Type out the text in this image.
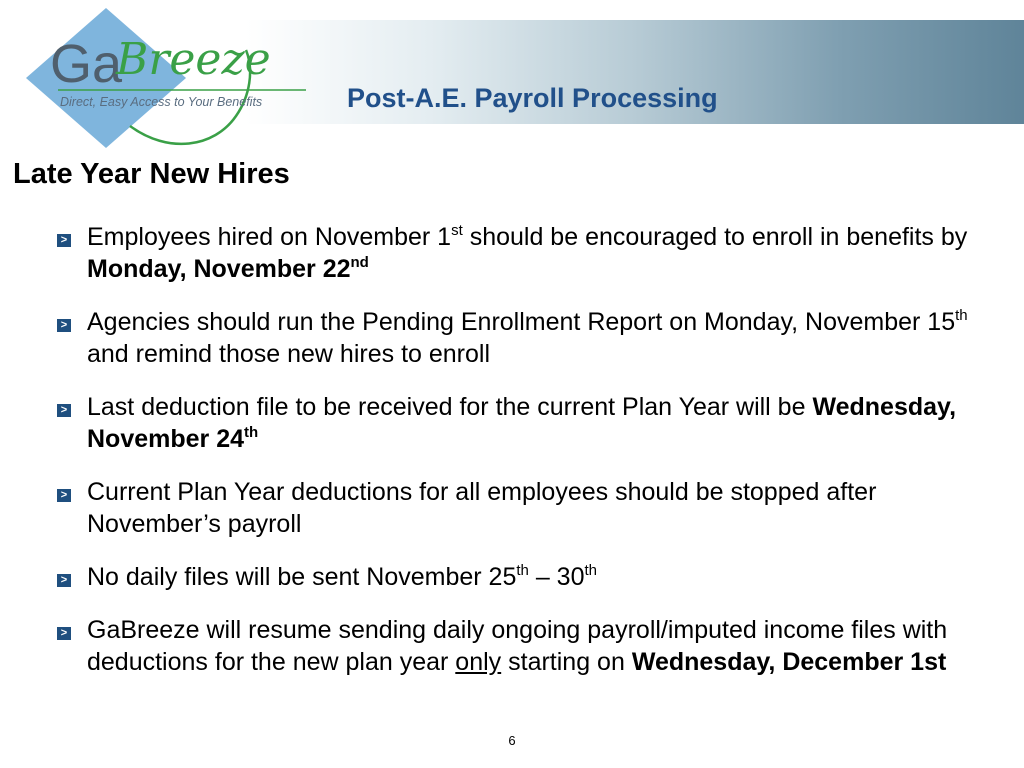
Ga
Breeze
Direct, Easy Access to Your Benefits	Post-A.E. Payroll Processing
Late Year New Hires
> Employees hired on November 1st should be encouraged to enroll in benefits by Monday, November 22nd
> Agencies should run the Pending Enrollment Report on Monday, November 15th and remind those new hires to enroll
> Last deduction file to be received for the current Plan Year will be Wednesday, November 24th
> Current Plan Year deductions for all employees should be stopped after November’s payroll
> No daily files will be sent November 25th – 30th
> GaBreeze will resume sending daily ongoing payroll/imputed income files with deductions for the new plan year only starting on Wednesday, December 1st
6
